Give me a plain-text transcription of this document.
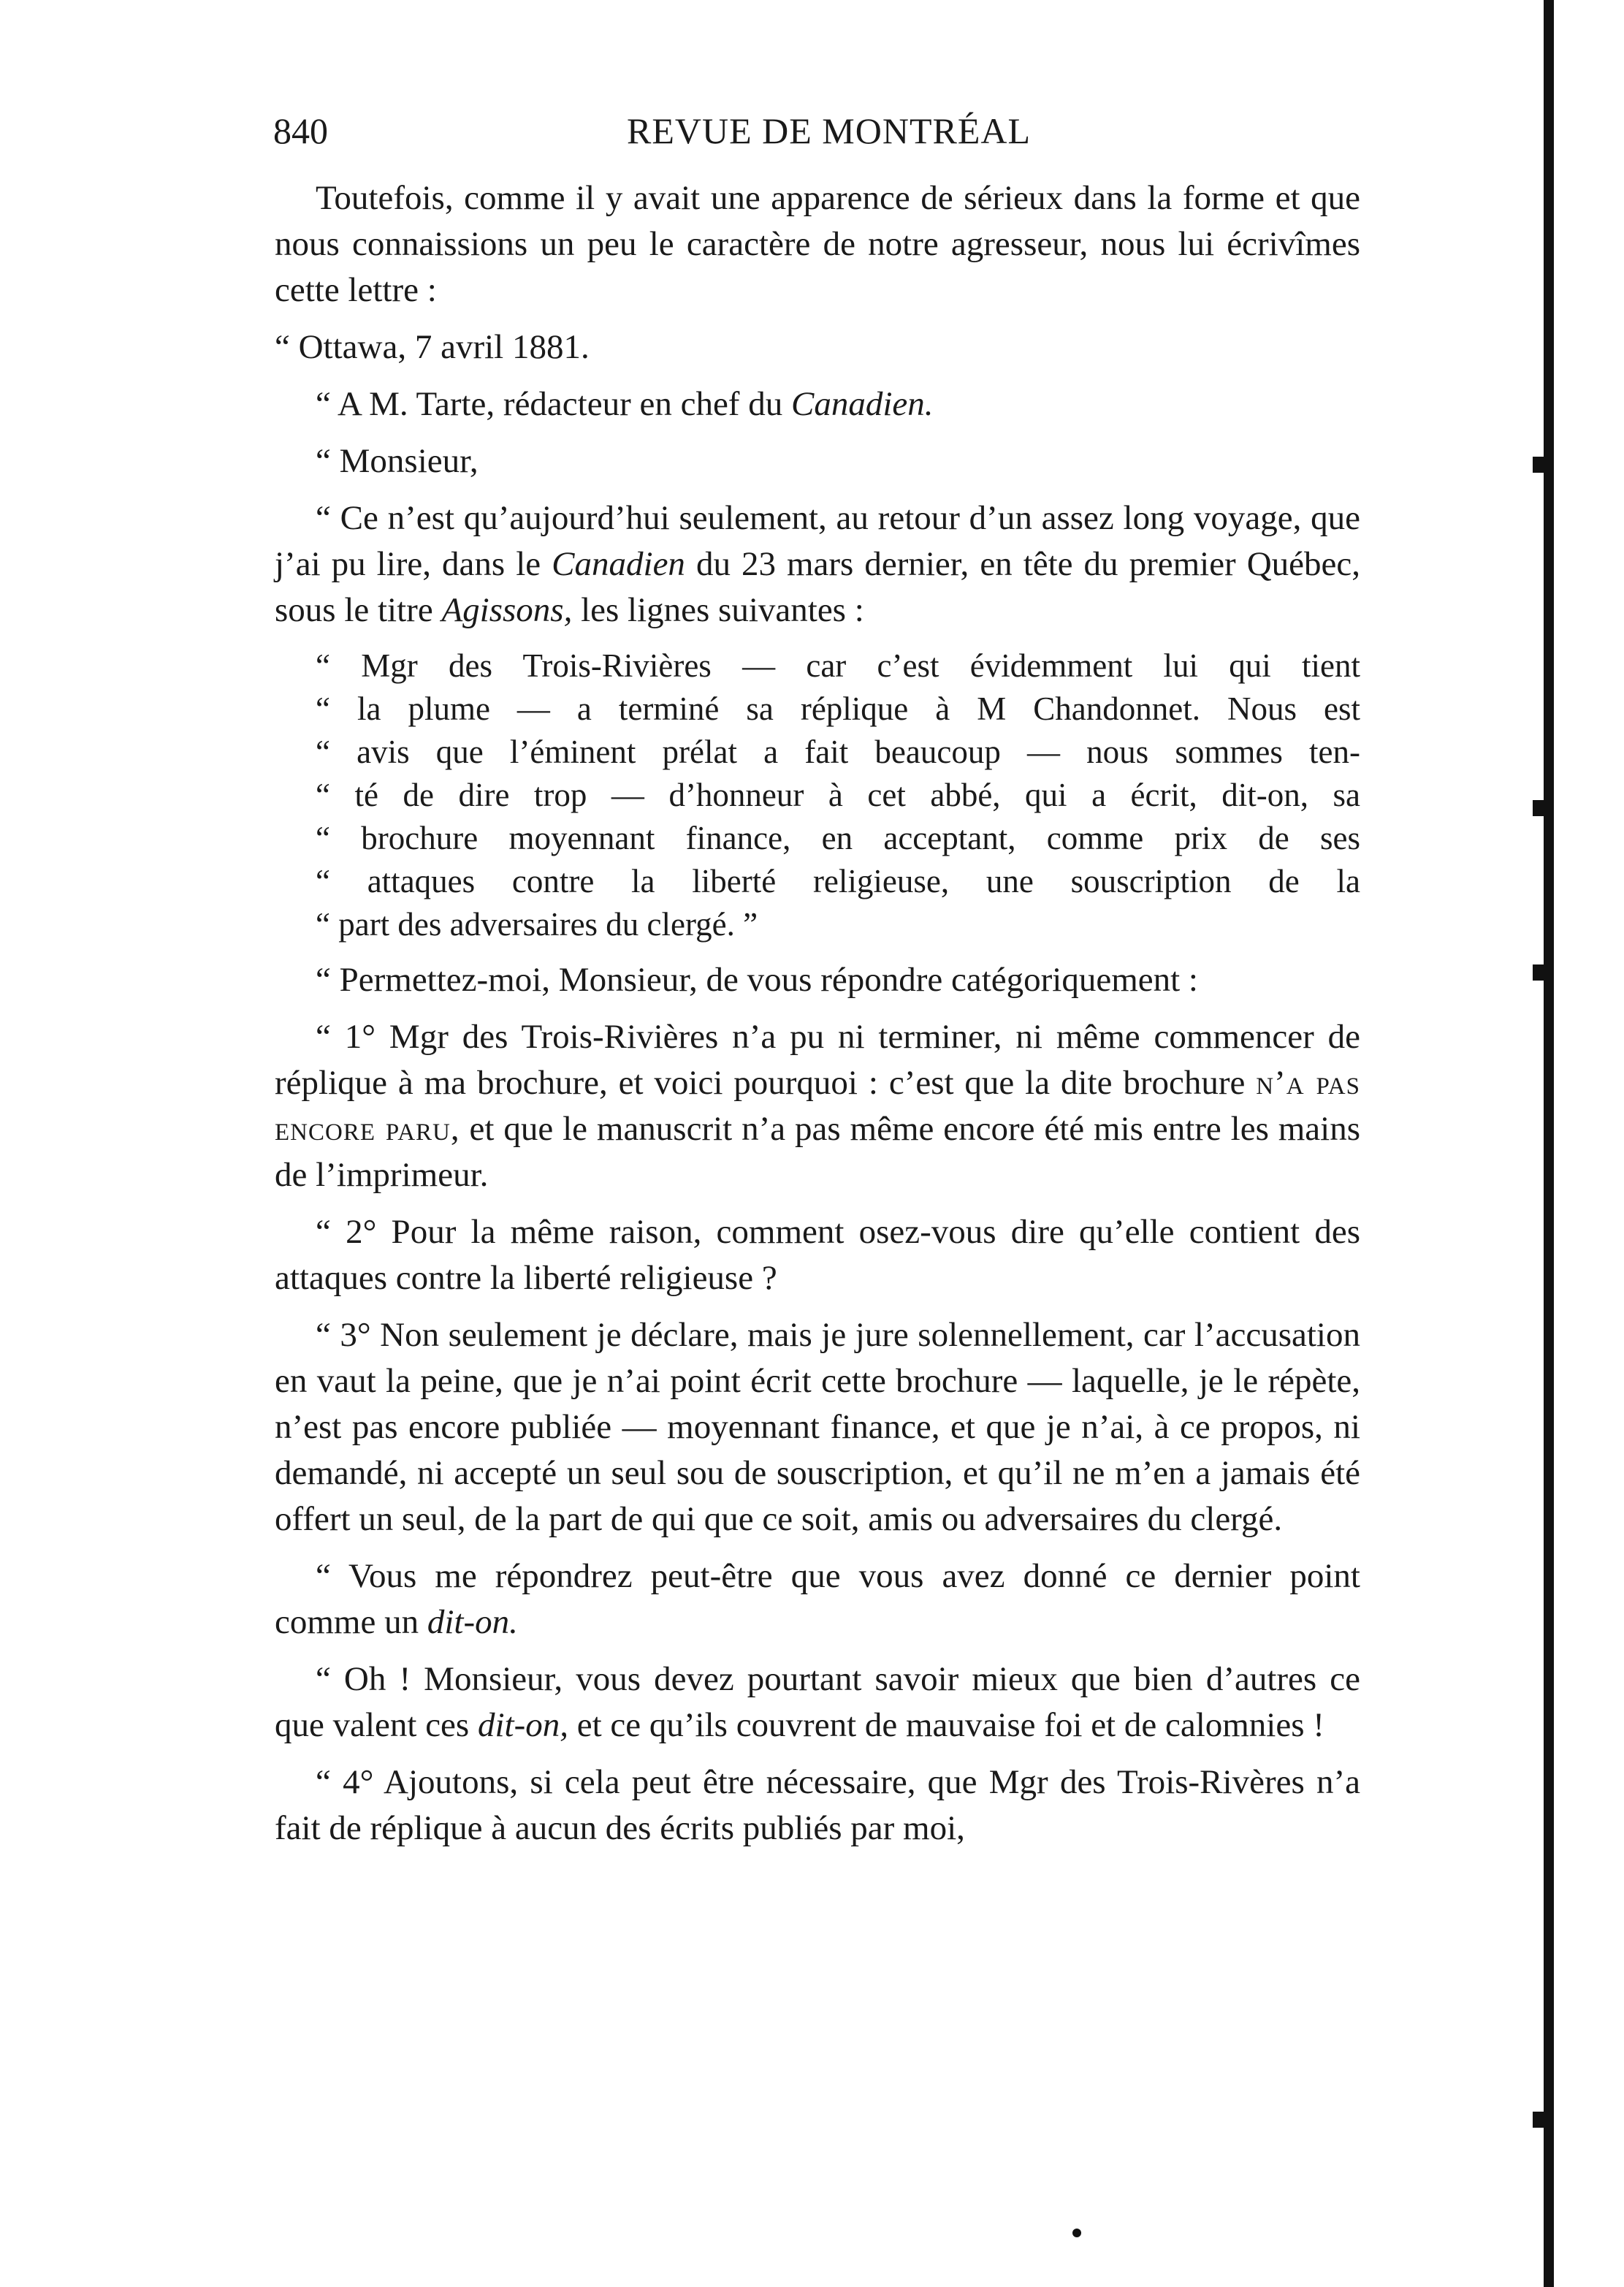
840	REVUE DE MONTRÉAL

Toutefois, comme il y avait une apparence de sérieux dans la forme et que nous connaissions un peu le caractère de notre agresseur, nous lui écrivîmes cette lettre :

“ Ottawa, 7 avril 1881.

“ A M. Tarte, rédacteur en chef du Canadien.

“ Monsieur,

“ Ce n’est qu’aujourd’hui seulement, au retour d’un assez long voyage, que j’ai pu lire, dans le Canadien du 23 mars dernier, en tête du premier Québec, sous le titre Agissons, les lignes suivantes :

“ Mgr des Trois-Rivières — car c’est évidemment lui qui tient
“ la plume — a terminé sa réplique à M Chandonnet. Nous est
“ avis que l’éminent prélat a fait beaucoup — nous sommes ten-
“ té de dire trop — d’honneur à cet abbé, qui a écrit, dit-on, sa
“ brochure moyennant finance, en acceptant, comme prix de ses
“ attaques contre la liberté religieuse, une souscription de la
“ part des adversaires du clergé. ”

“ Permettez-moi, Monsieur, de vous répondre catégoriquement :

“ 1° Mgr des Trois-Rivières n’a pu ni terminer, ni même commencer de réplique à ma brochure, et voici pourquoi : c’est que la dite brochure n’a pas encore paru, et que le manuscrit n’a pas même encore été mis entre les mains de l’imprimeur.

“ 2° Pour la même raison, comment osez-vous dire qu’elle contient des attaques contre la liberté religieuse ?

“ 3° Non seulement je déclare, mais je jure solennellement, car l’accusation en vaut la peine, que je n’ai point écrit cette brochure — laquelle, je le répète, n’est pas encore publiée — moyennant finance, et que je n’ai, à ce propos, ni demandé, ni accepté un seul sou de souscription, et qu’il ne m’en a jamais été offert un seul, de la part de qui que ce soit, amis ou adversaires du clergé.

“ Vous me répondrez peut-être que vous avez donné ce dernier point comme un dit-on.

“ Oh ! Monsieur, vous devez pourtant savoir mieux que bien d’autres ce que valent ces dit-on, et ce qu’ils couvrent de mauvaise foi et de calomnies !

“ 4° Ajoutons, si cela peut être nécessaire, que Mgr des Trois-Rivères n’a fait de réplique à aucun des écrits publiés par moi,
